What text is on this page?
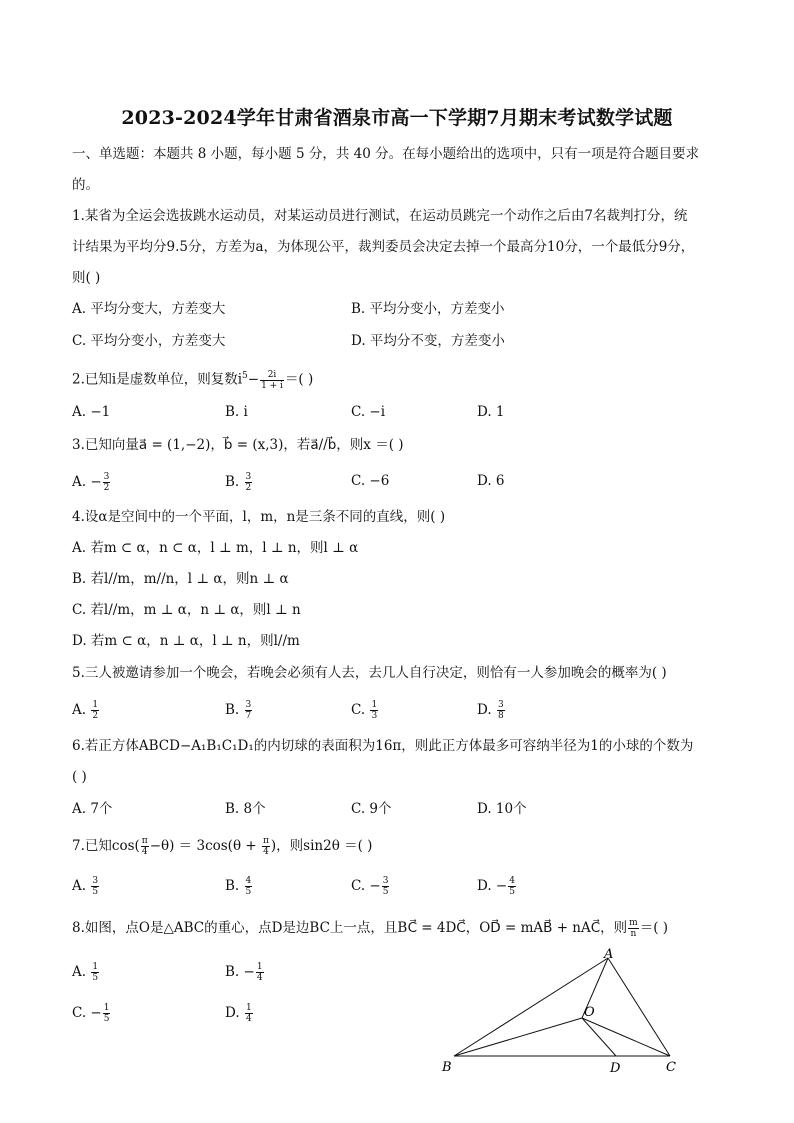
2023-2024学年甘肃省酒泉市高一下学期7月期末考试数学试题
一、单选题：本题共 8 小题，每小题 5 分，共 40 分。在每小题给出的选项中，只有一项是符合题目要求
的。
1.某省为全运会选拔跳水运动员，对某运动员进行测试，在运动员跳完一个动作之后由7名裁判打分，统
计结果为平均分9.5分，方差为a，为体现公平，裁判委员会决定去掉一个最高分10分，一个最低分9分，
则( )
A. 平均分变大，方差变大	B. 平均分变小，方差变小
C. 平均分变小，方差变大	D. 平均分不变，方差变小
2.已知i是虚数单位，则复数$i^5- \frac{2i}{1 + i}$ ＝( )
A. −1	B. i	C. −i	D. 1
3.已知向量a⃗ = (1,−2)，b⃗ = (x,3)，若a⃗//b⃗，则x ＝( )
A. − $\frac{3}{2}$	B. $\frac{3}{2}$	C. −6	D. 6
4.设α是空间中的一个平面，l，m，n是三条不同的直线，则( )
A. 若m ⊂ α，n ⊂ α，l ⊥ m，l ⊥ n，则l ⊥ α
B. 若l//m，m//n，l ⊥ α，则n ⊥ α
C. 若l//m，m ⊥ α，n ⊥ α，则l ⊥ n
D. 若m ⊂ α，n ⊥ α，l ⊥ n，则l//m
5.三人被邀请参加一个晚会，若晚会必须有人去，去几人自行决定，则恰有一人参加晚会的概率为( )
A. $\frac{1}{2}$	B. $\frac{3}{7}$	C. $\frac{1}{3}$	D. $\frac{3}{8}$
6.若正方体ABCD−A₁B₁C₁D₁的内切球的表面积为16π，则此正方体最多可容纳半径为1的小球的个数为
( )
A. 7个	B. 8个	C. 9个	D. 10个
7.已知$\cos( \frac{\pi}{4} -\theta) = 3\cos(\theta + \frac{\pi}{4}$ )，则sin2θ ＝( )
A. $\frac{3}{5}$	B. $\frac{4}{5}$	C. − $\frac{3}{5}$	D. − $\frac{4}{5}$
8.如图，点O是△ABC的重心，点D是边BC上一点，且BC⃗ = 4DC⃗，OD⃗ = mAB⃗ + nAC⃗，则 $\frac{m}{n}$ ＝( )
A. $\frac{1}{5}$	B. − $\frac{1}{4}$
C. − $\frac{1}{5}$	D. $\frac{1}{4}$
A
B	C
D
O
